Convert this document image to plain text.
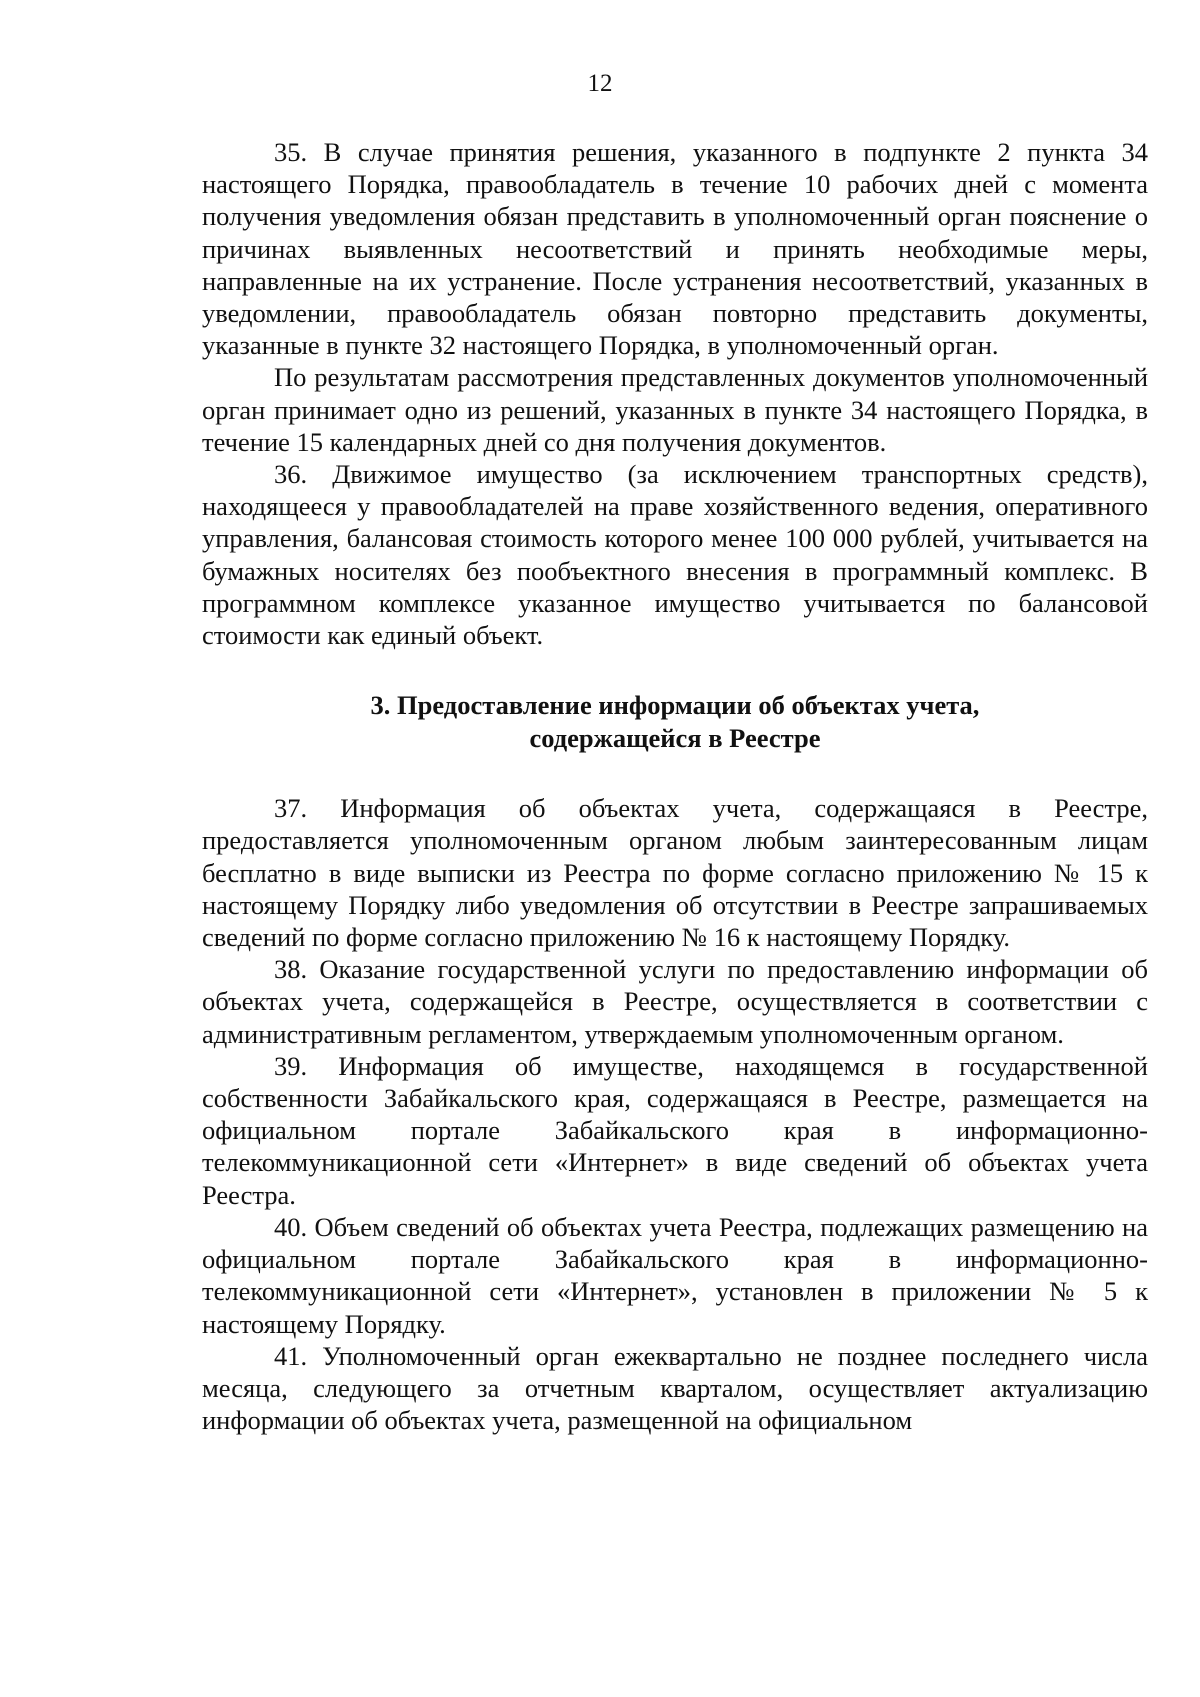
12

35. В случае принятия решения, указанного в подпункте 2 пункта 34 настоящего Порядка, правообладатель в течение 10 рабочих дней с момента получения уведомления обязан представить в уполномоченный орган пояснение о причинах выявленных несоответствий и принять необходимые меры, направленные на их устранение. После устранения несоответствий, указанных в уведомлении, правообладатель обязан повторно представить документы, указанные в пункте 32 настоящего Порядка, в уполномоченный орган.

По результатам рассмотрения представленных документов уполномоченный орган принимает одно из решений, указанных в пункте 34 настоящего Порядка, в течение 15 календарных дней со дня получения документов.

36. Движимое имущество (за исключением транспортных средств), находящееся у правообладателей на праве хозяйственного ведения, оперативного управления, балансовая стоимость которого менее 100 000 рублей, учитывается на бумажных носителях без пообъектного внесения в программный комплекс. В программном комплексе указанное имущество учитывается по балансовой стоимости как единый объект.

3. Предоставление информации об объектах учета,
содержащейся в Реестре

37. Информация об объектах учета, содержащаяся в Реестре, предоставляется уполномоченным органом любым заинтересованным лицам бесплатно в виде выписки из Реестра по форме согласно приложению № 15 к настоящему Порядку либо уведомления об отсутствии в Реестре запрашиваемых сведений по форме согласно приложению № 16 к настоящему Порядку.

38. Оказание государственной услуги по предоставлению информации об объектах учета, содержащейся в Реестре, осуществляется в соответствии с административным регламентом, утверждаемым уполномоченным органом.

39. Информация об имуществе, находящемся в государственной собственности Забайкальского края, содержащаяся в Реестре, размещается на официальном портале Забайкальского края в информационно-телекоммуникационной сети «Интернет» в виде сведений об объектах учета Реестра.

40. Объем сведений об объектах учета Реестра, подлежащих размещению на официальном портале Забайкальского края в информационно-телекоммуникационной сети «Интернет», установлен в приложении № 5 к настоящему Порядку.

41. Уполномоченный орган ежеквартально не позднее последнего числа месяца, следующего за отчетным кварталом, осуществляет актуализацию информации об объектах учета, размещенной на официальном
